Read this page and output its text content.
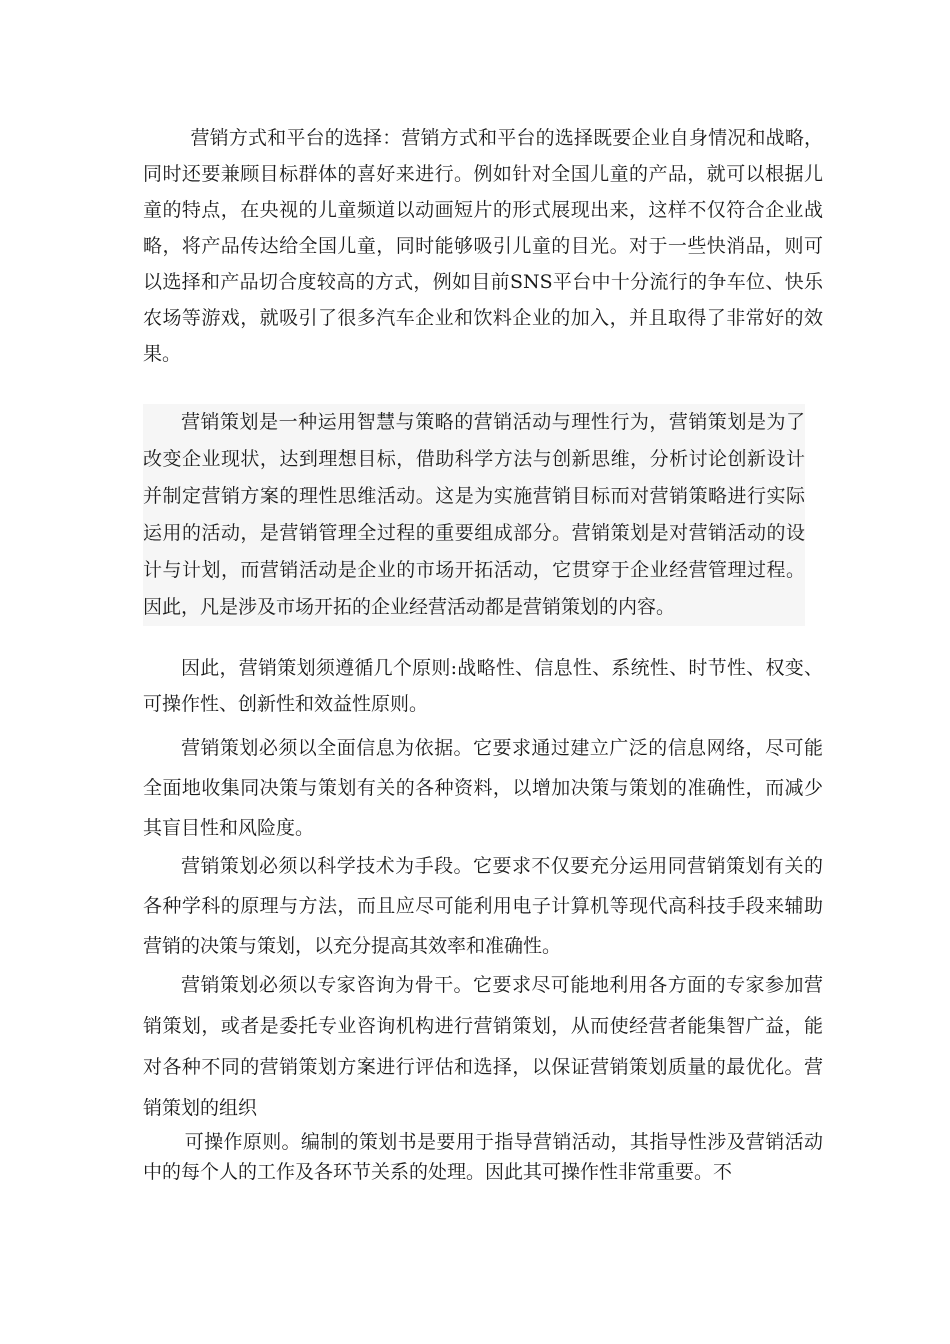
营销方式和平台的选择：营销方式和平台的选择既要企业自身情况和战略，同时还要兼顾目标群体的喜好来进行。例如针对全国儿童的产品，就可以根据儿童的特点，在央视的儿童频道以动画短片的形式展现出来，这样不仅符合企业战略，将产品传达给全国儿童，同时能够吸引儿童的目光。对于一些快消品，则可以选择和产品切合度较高的方式，例如目前SNS平台中十分流行的争车位、快乐农场等游戏，就吸引了很多汽车企业和饮料企业的加入，并且取得了非常好的效果。

营销策划是一种运用智慧与策略的营销活动与理性行为，营销策划是为了改变企业现状，达到理想目标，借助科学方法与创新思维，分析讨论创新设计并制定营销方案的理性思维活动。这是为实施营销目标而对营销策略进行实际运用的活动，是营销管理全过程的重要组成部分。营销策划是对营销活动的设计与计划，而营销活动是企业的市场开拓活动，它贯穿于企业经营管理过程。因此，凡是涉及市场开拓的企业经营活动都是营销策划的内容。

因此，营销策划须遵循几个原则:战略性、信息性、系统性、时节性、权变、可操作性、创新性和效益性原则。

营销策划必须以全面信息为依据。它要求通过建立广泛的信息网络，尽可能全面地收集同决策与策划有关的各种资料，以增加决策与策划的准确性，而减少其盲目性和风险度。

营销策划必须以科学技术为手段。它要求不仅要充分运用同营销策划有关的各种学科的原理与方法，而且应尽可能利用电子计算机等现代高科技手段来辅助营销的决策与策划，以充分提高其效率和准确性。

营销策划必须以专家咨询为骨干。它要求尽可能地利用各方面的专家参加营销策划，或者是委托专业咨询机构进行营销策划，从而使经营者能集智广益，能对各种不同的营销策划方案进行评估和选择，以保证营销策划质量的最优化。营销策划的组织

可操作原则。编制的策划书是要用于指导营销活动，其指导性涉及营销活动中的每个人的工作及各环节关系的处理。因此其可操作性非常重要。不
